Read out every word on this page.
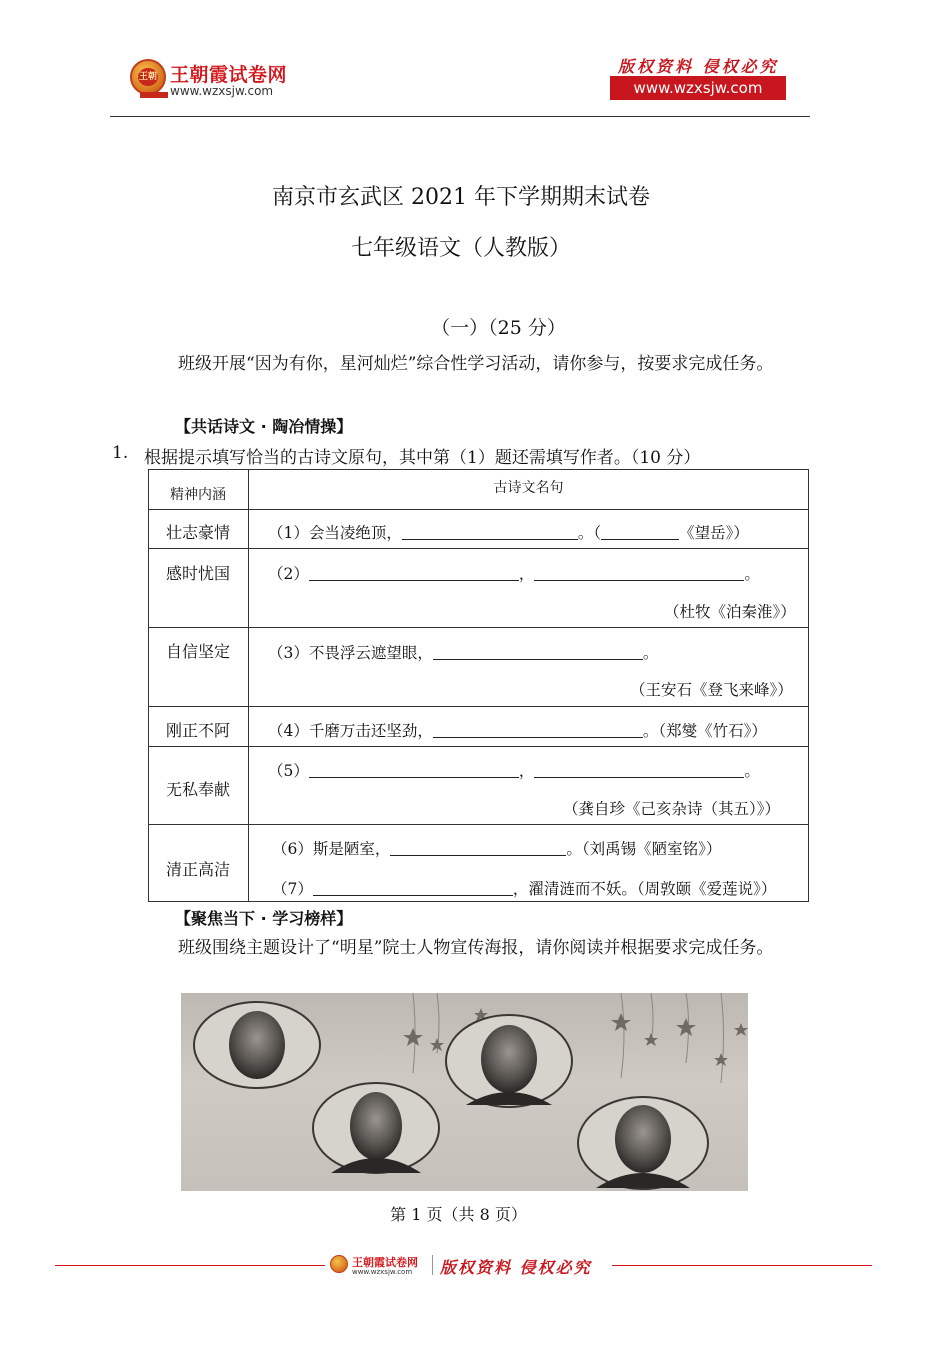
王朝 王朝霞试卷网
www.wzxsjw.com
版权资料 侵权必究
www.wzxsjw.com
南京市玄武区 2021 年下学期期末试卷
七年级语文（人教版）
（一）（25 分）
班级开展“因为有你，星河灿烂”综合性学习活动，请你参与，按要求完成任务。
【共话诗文 · 陶冶情操】
1. 根据提示填写恰当的古诗文原句，其中第（1）题还需填写作者。（10 分）
精神内涵	古诗文名句
壮志豪情	（1）会当凌绝顶，	。（	《望岳》）
感时忧国	（2）	，	。
（杜牧《泊秦淮》）
自信坚定	（3）不畏浮云遮望眼，	。
（王安石《登飞来峰》）
刚正不阿	（4）千磨万击还坚劲，	。（郑燮《竹石》）
无私奉献
（5）	，	。
（龚自珍《己亥杂诗（其五）》）
清正高洁
（6）斯是陋室，	。（刘禹锡《陋室铭》）
（7）	，濯清涟而不妖。（周敦颐《爱莲说》）
【聚焦当下 · 学习榜样】
班级围绕主题设计了“明星”院士人物宣传海报，请你阅读并根据要求完成任务。
第 1 页（共 8 页）
王朝霞试卷网
www.wzxsjw.com 版权资料 侵权必究
